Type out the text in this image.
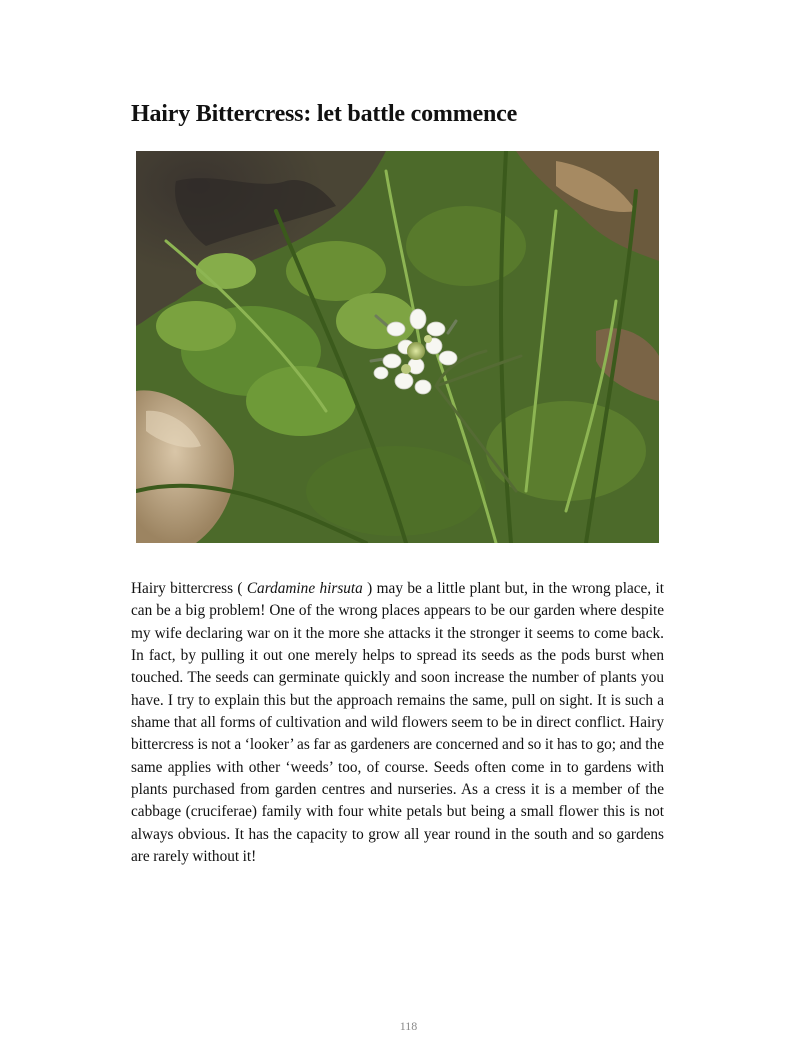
Hairy Bittercress: let battle commence

Hairy bittercress ( Cardamine hirsuta ) may be a little plant but, in the wrong place, it can be a big problem! One of the wrong places appears to be our garden where despite my wife declaring war on it the more she attacks it the stronger it seems to come back. In fact, by pulling it out one merely helps to spread its seeds as the pods burst when touched. The seeds can germinate quickly and soon increase the number of plants you have. I try to explain this but the approach remains the same, pull on sight. It is such a shame that all forms of cultivation and wild flowers seem to be in direct conflict. Hairy bittercress is not a ‘looker’ as far as gardeners are concerned and so it has to go; and the same applies with other ‘weeds’ too, of course. Seeds often come in to gardens with plants purchased from garden centres and nurseries. As a cress it is a member of the cabbage (cruciferae) family with four white petals but being a small flower this is not always obvious. It has the capacity to grow all year round in the south and so gardens are rarely without it!

118
